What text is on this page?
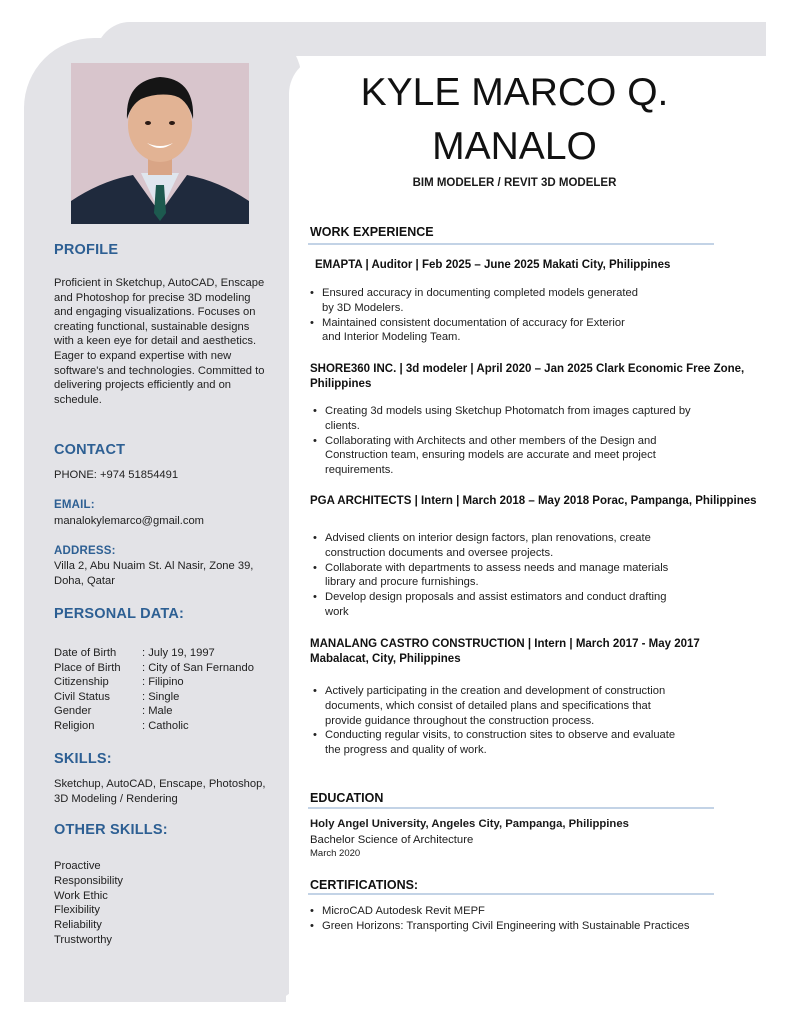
PROFILE
Proficient in Sketchup, AutoCAD, Enscape and Photoshop for precise 3D modeling and engaging visualizations. Focuses on creating functional, sustainable designs with a keen eye for detail and aesthetics. Eager to expand expertise with new software's and technologies. Committed to delivering projects efficiently and on schedule.
CONTACT
PHONE: +974 51854491
EMAIL:
manalokylemarco@gmail.com
ADDRESS:
Villa 2, Abu Nuaim St. Al Nasir, Zone 39, Doha, Qatar
PERSONAL DATA:
Date of Birth	: July 19, 1997
Place of Birth	: City of San Fernando
Citizenship	: Filipino
Civil Status	: Single
Gender	: Male
Religion	: Catholic
SKILLS:
Sketchup, AutoCAD, Enscape, Photoshop, 3D Modeling / Rendering
OTHER SKILLS:
Proactive
Responsibility
Work Ethic
Flexibility
Reliability
Trustworthy
KYLE MARCO Q.
MANALO
BIM MODELER / REVIT 3D MODELER
WORK EXPERIENCE
EMAPTA | Auditor | Feb 2025 – June 2025 Makati City, Philippines
• Ensured accuracy in documenting completed models generated by 3D Modelers.
• Maintained consistent documentation of accuracy for Exterior and Interior Modeling Team.
SHORE360 INC. | 3d modeler | April 2020 – Jan 2025 Clark Economic Free Zone, Philippines
• Creating 3d models using Sketchup Photomatch from images captured by clients.
• Collaborating with Architects and other members of the Design and Construction team, ensuring models are accurate and meet project requirements.
PGA ARCHITECTS | Intern | March 2018 – May 2018 Porac, Pampanga, Philippines
• Advised clients on interior design factors, plan renovations, create construction documents and oversee projects.
• Collaborate with departments to assess needs and manage materials library and procure furnishings.
• Develop design proposals and assist estimators and conduct drafting work
MANALANG CASTRO CONSTRUCTION | Intern | March 2017 - May 2017 Mabalacat, City, Philippines
• Actively participating in the creation and development of construction documents, which consist of detailed plans and specifications that provide guidance throughout the construction process.
• Conducting regular visits, to construction sites to observe and evaluate the progress and quality of work.
EDUCATION
Holy Angel University, Angeles City, Pampanga, Philippines
Bachelor Science of Architecture
March 2020
CERTIFICATIONS:
• MicroCAD Autodesk Revit MEPF
• Green Horizons: Transporting Civil Engineering with Sustainable Practices
